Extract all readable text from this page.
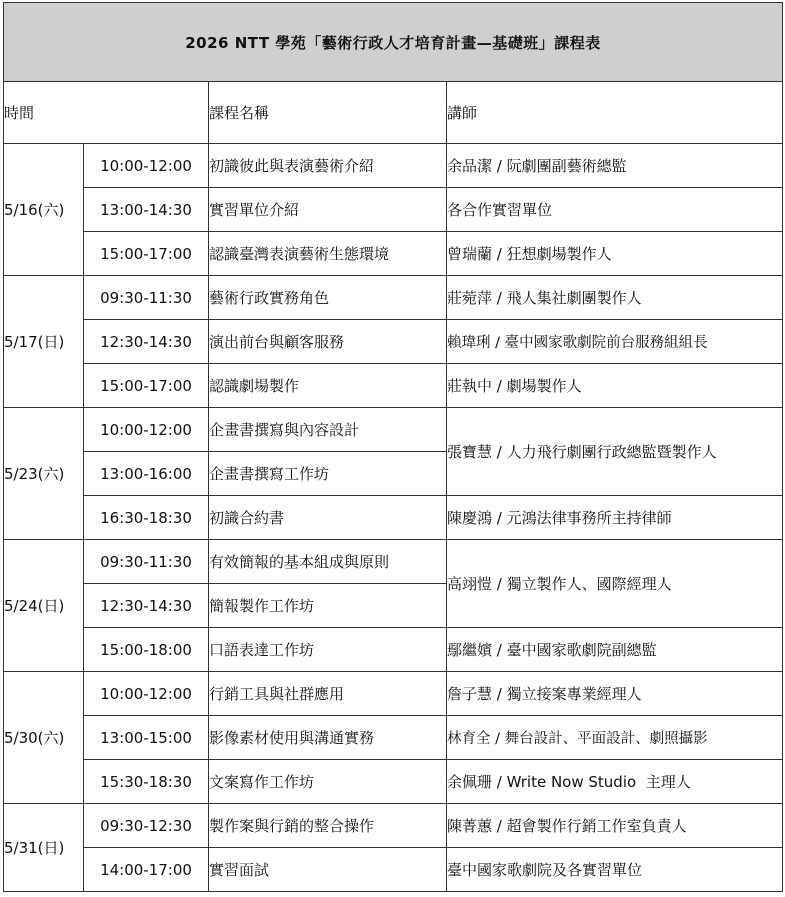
2026 NTT 學苑「藝術行政人才培育計畫—基礎班」課程表			
時間		課程名稱	講師
5/16(六)	10:00-12:00	初識彼此與表演藝術介紹	余品潔 / 阮劇團副藝術總監
	13:00-14:30	實習單位介紹	各合作實習單位
	15:00-17:00	認識臺灣表演藝術生態環境	曾瑞蘭 / 狂想劇場製作人
5/17(日)	09:30-11:30	藝術行政實務角色	莊菀萍 / 飛人集社劇團製作人
	12:30-14:30	演出前台與顧客服務	賴瑋琍 / 臺中國家歌劇院前台服務組組長
	15:00-17:00	認識劇場製作	莊執中 / 劇場製作人
5/23(六)	10:00-12:00	企畫書撰寫與內容設計	張寶慧 / 人力飛行劇團行政總監暨製作人
	13:00-16:00	企畫書撰寫工作坊	
	16:30-18:30	初識合約書	陳慶鴻 / 元鴻法律事務所主持律師
5/24(日)	09:30-11:30	有效簡報的基本組成與原則	高翊愷 / 獨立製作人、國際經理人
	12:30-14:30	簡報製作工作坊	
	15:00-18:00	口語表達工作坊	鄢繼嬪 / 臺中國家歌劇院副總監
5/30(六)	10:00-12:00	行銷工具與社群應用	詹子慧 / 獨立接案專業經理人
	13:00-15:00	影像素材使用與溝通實務	林育全 / 舞台設計、平面設計、劇照攝影
	15:30-18:30	文案寫作工作坊	余佩珊 / Write Now Studio  主理人
5/31(日)	09:30-12:30	製作案與行銷的整合操作	陳菁蕙 / 超會製作行銷工作室負責人
	14:00-17:00	實習面試	臺中國家歌劇院及各實習單位
